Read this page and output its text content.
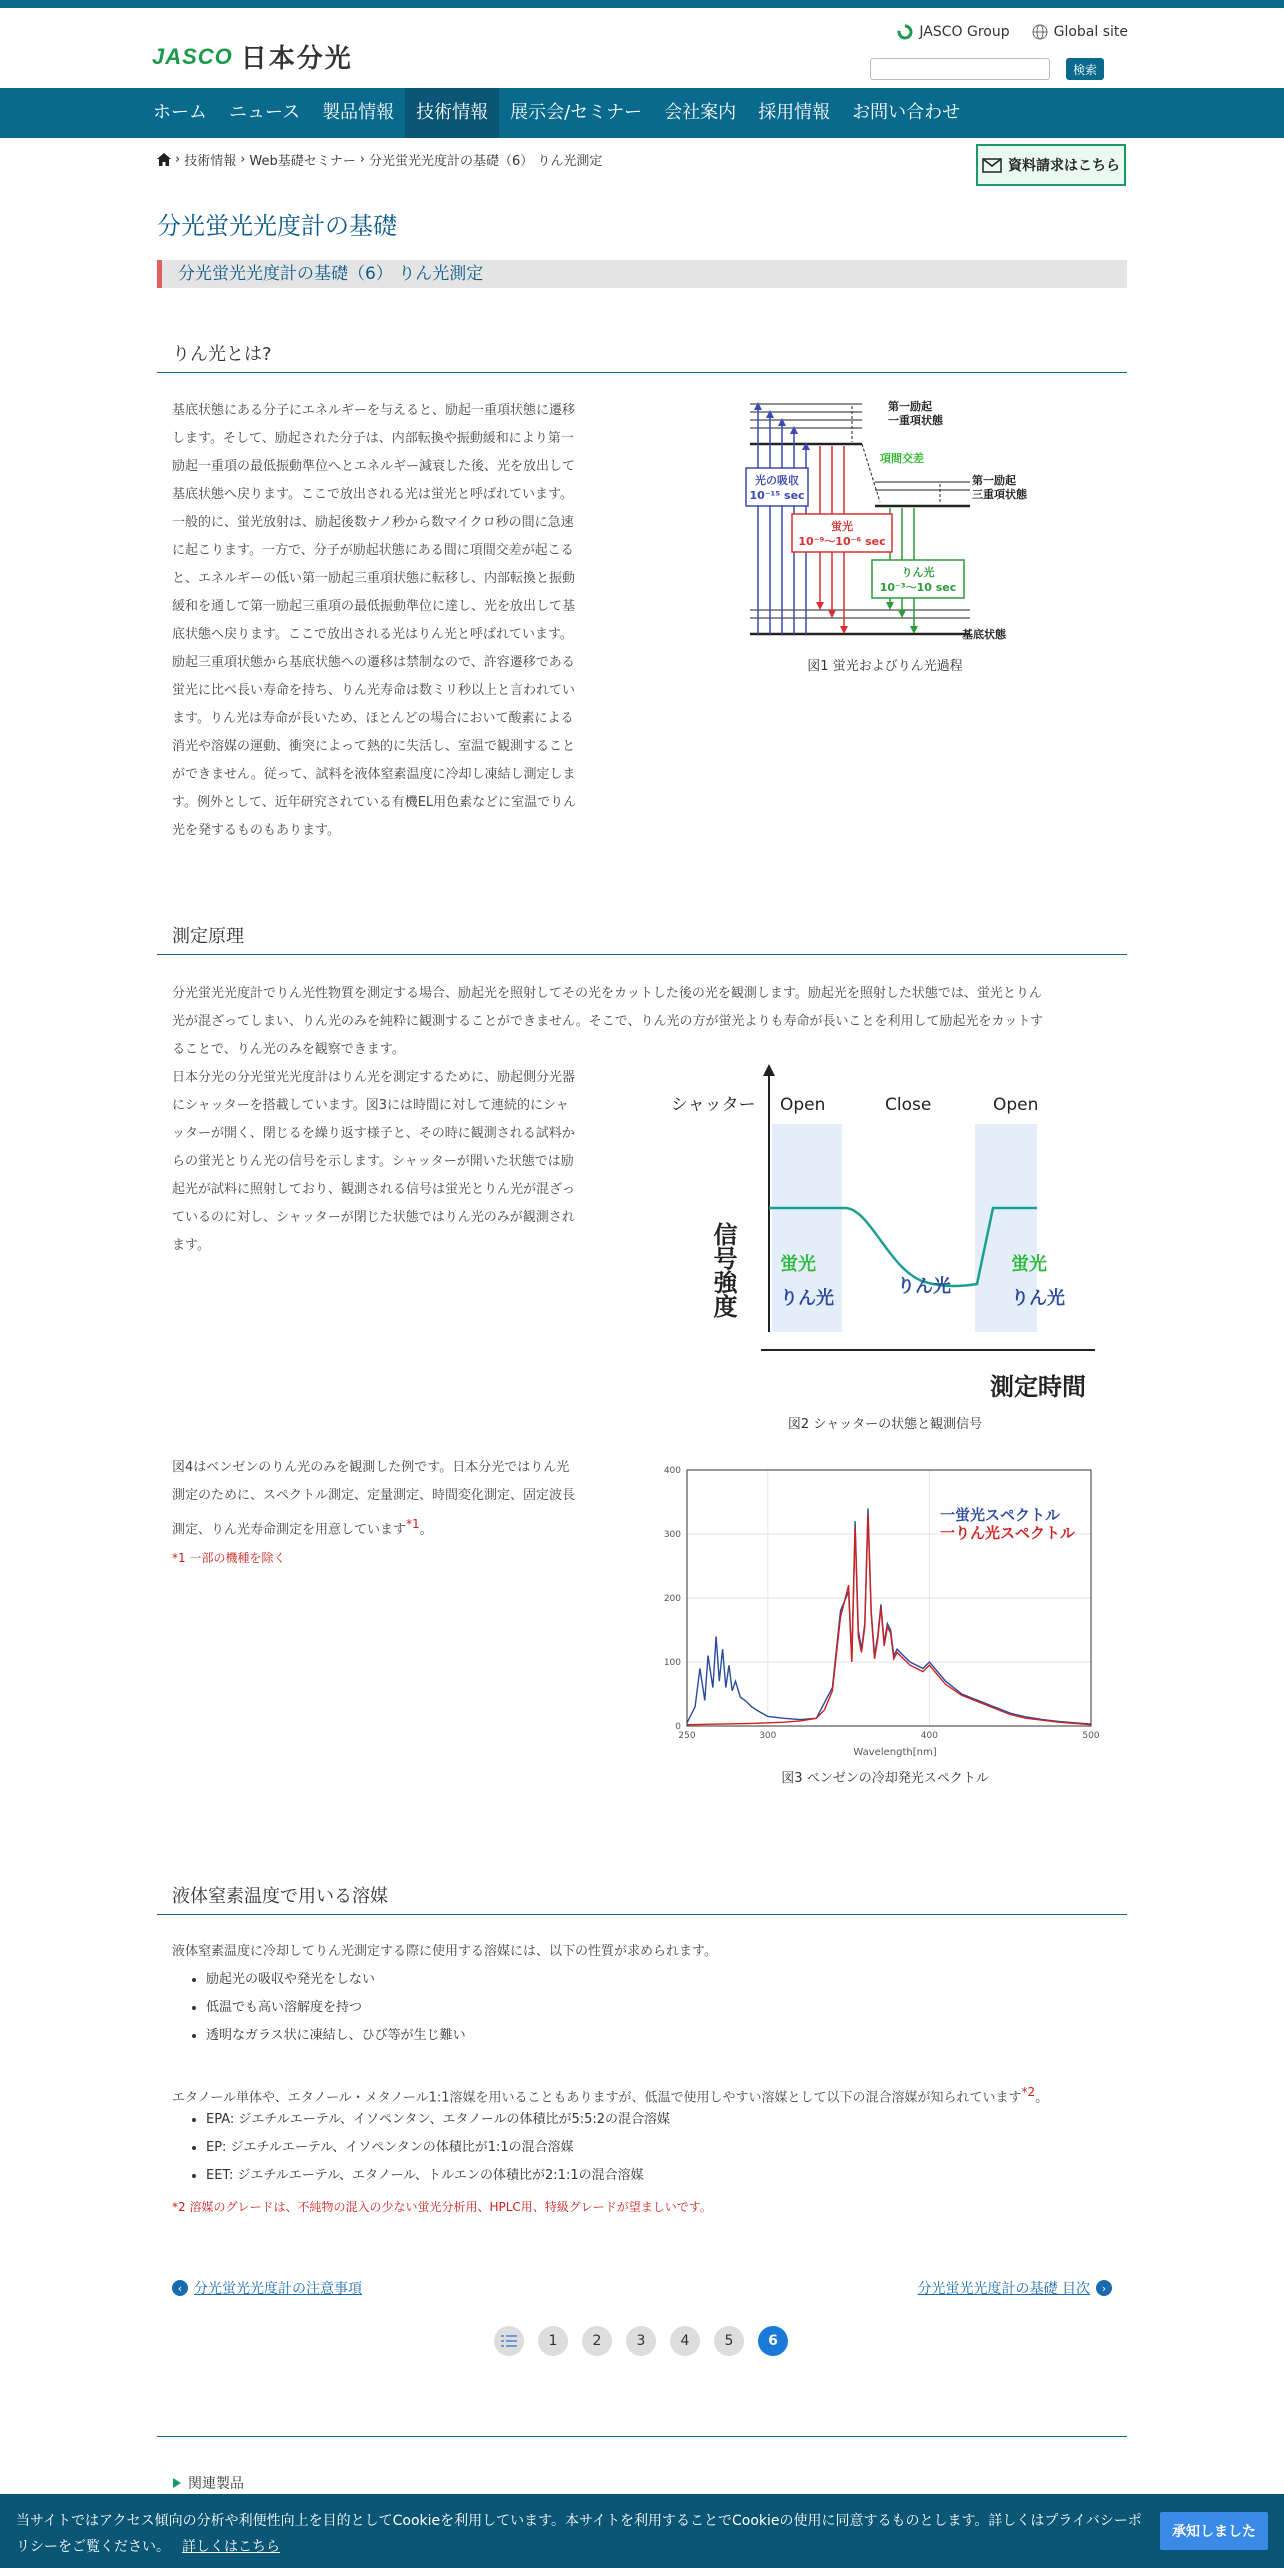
JASCO 日本分光
JASCO Group	Global site
検索
ホーム	ニュース	製品情報	技術情報	展示会/セミナー	会社案内	採用情報	お問い合わせ
› 技術情報 › Web基礎セミナー › 分光蛍光光度計の基礎（6） りん光測定	資料請求はこちら
分光蛍光光度計の基礎
分光蛍光光度計の基礎（6） りん光測定
りん光とは?
基底状態にある分子にエネルギーを与えると、励起一重項状態に遷移
します。そして、励起された分子は、内部転換や振動緩和により第一
励起一重項の最低振動準位へとエネルギー減衰した後、光を放出して
基底状態へ戻ります。ここで放出される光は蛍光と呼ばれています。
一般的に、蛍光放射は、励起後数ナノ秒から数マイクロ秒の間に急速
に起こります。一方で、分子が励起状態にある間に項間交差が起こる
と、エネルギーの低い第一励起三重項状態に転移し、内部転換と振動
緩和を通して第一励起三重項の最低振動準位に達し、光を放出して基
底状態へ戻ります。ここで放出される光はりん光と呼ばれています。
励起三重項状態から基底状態への遷移は禁制なので、許容遷移である
蛍光に比べ長い寿命を持ち、りん光寿命は数ミリ秒以上と言われてい
ます。りん光は寿命が長いため、ほとんどの場合において酸素による
消光や溶媒の運動、衝突によって熱的に失活し、室温で観測すること
ができません。従って、試料を液体窒素温度に冷却し凍結し測定しま
す。例外として、近年研究されている有機EL用色素などに室温でりん
光を発するものもあります。
第一励起
一重項状態
項間交差
第一励起
三重項状態
光の吸収
10⁻¹⁵ sec
蛍光
10⁻⁹～10⁻⁶ sec
りん光
10⁻³～10 sec
基底状態
図1 蛍光およびりん光過程
測定原理
分光蛍光光度計でりん光性物質を測定する場合、励起光を照射してその光をカットした後の光を観測します。励起光を照射した状態では、蛍光とりん
光が混ざってしまい、りん光のみを純粋に観測することができません。そこで、りん光の方が蛍光よりも寿命が長いことを利用して励起光をカットす
ることで、りん光のみを観察できます。
日本分光の分光蛍光光度計はりん光を測定するために、励起側分光器
にシャッターを搭載しています。図3には時間に対して連続的にシャ
ッターが開く、閉じるを繰り返す様子と、その時に観測される試料か
らの蛍光とりん光の信号を示します。シャッターが開いた状態では励
起光が試料に照射しており、観測される信号は蛍光とりん光が混ざっ
ているのに対し、シャッターが閉じた状態ではりん光のみが観測され
ます。
シャッター Open	Close	Open
信号強度
測定時間
蛍光
りん光
りん光
蛍光
りん光
図2 シャッターの状態と観測信号
図4はベンゼンのりん光のみを観測した例です。日本分光ではりん光
測定のために、スペクトル測定、定量測定、時間変化測定、固定波長
測定、りん光寿命測定を用意しています$^{*1}$。
*1 一部の機種を除く
0
100
200
300
400
250	300	400	500
一蛍光スペクトル
一りん光スペクトル
Wavelength[nm]
図3 ベンゼンの冷却発光スペクトル
液体窒素温度で用いる溶媒
液体窒素温度に冷却してりん光測定する際に使用する溶媒には、以下の性質が求められます。
• 励起光の吸収や発光をしない
• 低温でも高い溶解度を持つ
• 透明なガラス状に凍結し、ひび等が生じ難い
エタノール単体や、エタノール・メタノール1:1溶媒を用いることもありますが、低温で使用しやすい溶媒として以下の混合溶媒が知られています$^{*2}$。
• EPA: ジエチルエーテル、イソペンタン、エタノールの体積比が5:5:2の混合溶媒
• EP: ジエチルエーテル、イソペンタンの体積比が1:1の混合溶媒
• EET: ジエチルエーテル、エタノール、トルエンの体積比が2:1:1の混合溶媒
*2 溶媒のグレードは、不純物の混入の少ない蛍光分析用、HPLC用、特級グレードが望ましいです。
‹ 分光蛍光光度計の注意事項	分光蛍光光度計の基礎 目次	›
1	2	3	4	5	6
関連製品
当サイトではアクセス傾向の分析や利便性向上を目的としてCookieを利用しています。本サイトを利用することでCookieの使用に同意するものとします。詳しくはプライバシーポリシーをご覧ください。 詳しくはこちら
承知しました
